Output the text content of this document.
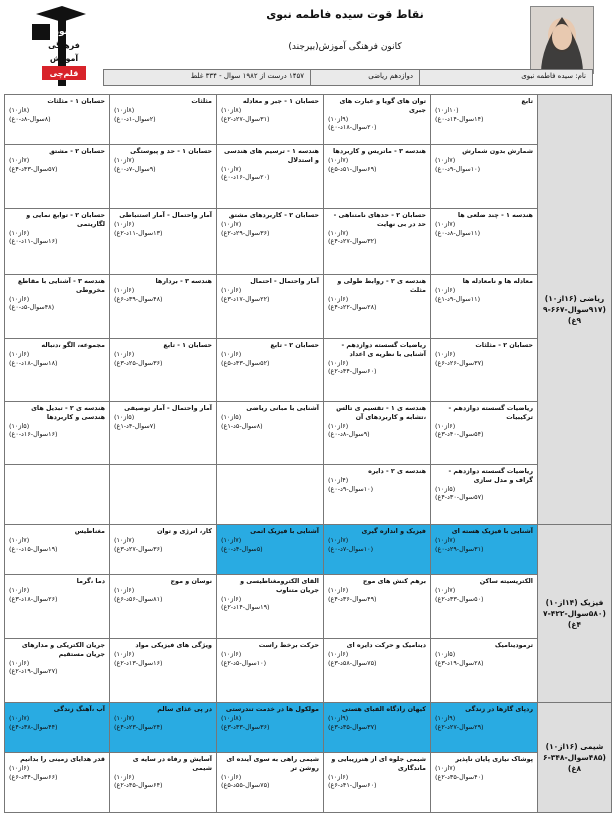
نقاط قوت سیده فاطمه نبوی
کانون فرهنگی آموزش(بیرجند)
کانون
فرهنگی
آموزش
قلم‌چی	نام: سیده فاطمه نبوی
دوازدهم ریاضی
۱۴۵۷ درست از ۱۹۸۲ سوال - ۳۳۴ غلط
ریاضی (۱۶از۱۰) (۹۱۷سوال-۶۶۷-۹۹غ)	تابع
(۱۰از۱۰)
(۱۴سوال-۱۴د-۰غ)	توان های گویا و عبارت های جبری
(۹از۱۰)
(۲۰سوال-۱۸د-۰غ)	حسابان ۱ - جبر و معادله
(۸از۱۰)
(۳۱سوال-۲۷د-۲غ)	مثلثات
(۸از۱۰)
(۲سوال-۱د-۰غ)	حسابان ۱ - مثلثات
(۸از۱۰)
(۸سوال-۸د-۰غ)

	شمارش بدون شمارش
(۷از۱۰)
(۱۰سوال-۹د-۰غ)	هندسه ۳ - ماتریس و کاربردها
(۷از۱۰)
(۶۹سوال-۵۱د-۵غ)	هندسه ۱ - ترسیم های هندسی و استدلال
(۷از۱۰)
(۲۰سوال-۱۶د-۰غ)	حسابان ۱ - حد و پیوستگی
(۷از۱۰)
(۹سوال-۷د-۰غ)	حسابان ۲ - مشتق
(۷از۱۰)
(۵۷سوال-۴۳د-۴غ)

	هندسه ۱ - چند ضلعی ها
(۷از۱۰)
(۱۱سوال-۸د-۰غ)	حسابان ۲ - حدهای نامتناهی - حد در بی نهایت
(۷از۱۰)
(۳۲سوال-۲۷د-۴غ)	حسابان ۲ - کاربردهای مشتق
(۷از۱۰)
(۳۶سوال-۲۹د-۲غ)	آمار واحتمال - آمار استنباطی
(۶از۱۰)
(۱۳سوال-۱۱د-۲غ)	حسابان ۲ - توابع نمایی و لگاریتمی
(۶از۱۰)
(۱۶سوال-۱۱د-۰غ)

	معادله ها و نامعادله ها
(۶از۱۰)
(۱۱سوال-۹د-۱غ)	هندسه ی ۲ - روابط طولی و مثلث
(۶از۱۰)
(۲۸سوال-۲۲د-۴غ)	آمار واحتمال - احتمال
(۶از۱۰)
(۲۲سوال-۱۷د-۳غ)	هندسه ۳ - بردارها
(۶از۱۰)
(۴۸سوال-۳۹د-۶غ)	هندسه ۳ - آشنایی با مقاطع مخروطی
(۶از۱۰)
(۴۸سوال-۵د-۰غ)

	حسابان ۲ - مثلثات
(۶از۱۰)
(۳۷سوال-۲۶د-۶غ)	ریاضیات گسسته دوازدهم - آشنایی با نظریه ی اعداد
(۶از۱۰)
(۶۰سوال-۴۴د-۲غ)	حسابان ۲ - تابع
(۶از۱۰)
(۵۲سوال-۴۳د-۵غ)	حسابان ۱ - تابع
(۶از۱۰)
(۳۶سوال-۲۵د-۳غ)	مجموعه، الگو ،دنباله
(۶از۱۰)
(۱۸سوال-۱۸د-۰غ)

	ریاضیات گسسته دوازدهم - ترکیبیات
(۶از۱۰)
(۵۴سوال-۴۰د-۳غ)	هندسه ی ۱ - تقسیم ی تالس ،تشابه و کاربردهای آن
(۶از۱۰)
(۹سوال-۸د-۰غ)	آشنایی با مبانی ریاضی
(۵از۱۰)
(۸سوال-۵د-۱غ)	آمار واحتمال - آمار توصیفی
(۵از۱۰)
(۷سوال-۴د-۱غ)	هندسه ی ۲ - تبدیل های هندسی و کاربردها
(۵از۱۰)
(۱۶سوال-۱۶د-۰غ)

	ریاضیات گسسته دوازدهم - گراف و مدل سازی
(۵از۱۰)
(۵۷سوال-۳۰د-۴غ)	هندسه ی ۲ - دایره
(۴از۱۰)
(۱۰سوال-۹د-۰غ)			

فیزیک (۱۴از۱۰) (۵۸۰سوال-۴۲۲-۷۴غ)	آشنایی با فیزیک هسته ای
(۷از۱۰)
(۳۱سوال-۲۹د-۰غ)	فیزیک و اندازه گیری
(۷از۱۰)
(۱۰سوال-۷د-۰غ)	آشنایی با فیزیک اتمی
(۷از۱۰)
(۵سوال-۴د-۰غ)	کار، انرژی و توان
(۷از۱۰)
(۳۶سوال-۲۷د-۳غ)	مغناطیس
(۷از۱۰)
(۱۹سوال-۱۵د-۰غ)

	الکتریسیته ساکن
(۷از۱۰)
(۵۰سوال-۳۳د-۲غ)	برهم کنش های موج
(۶از۱۰)
(۴۹سوال-۳۶د-۴غ)	القای الکترومغناطیسی و جریان متناوب
(۶از۱۰)
(۱۹سوال-۱۴د-۲غ)	نوسان و موج
(۶از۱۰)
(۸۱سوال-۵۶د-۶غ)	دما ،گرما
(۶از۱۰)
(۲۶سوال-۱۸د-۳غ)

	ترمودینامیک
(۵از۱۰)
(۲۸سوال-۱۹د-۳غ)	دینامیک و حرکت دایره ای
(۶از۱۰)
(۷۵سوال-۵۸د-۳غ)	حرکت برخط راست
(۶از۱۰)
(۱۰سوال-۵د-۲غ)	ویژگی های فیزیکی مواد
(۶از۱۰)
(۱۶سوال-۱۳د-۲غ)	جریان الکتریکی و مدارهای جریان مستقیم
(۶از۱۰)
(۲۷سوال-۱۹د-۲غ)

شیمی (۱۶از۱۰) (۴۸۵سوال-۳۴۸-۶۸غ)	ردپای گازها در زندگی
(۹از۱۰)
(۲۹سوال-۲۷د-۲غ)	کیهان زادگاه الفبای هستی
(۹از۱۰)
(۳۷سوال-۳۵د-۳غ)	مولکول ها در خدمت تندرستی
(۸از۱۰)
(۳۶سوال-۳۳د-۳غ)	در پی غذای سالم
(۷از۱۰)
(۲۴سوال-۲۳د-۴غ)	آب ،آهنگ زندگی
(۷از۱۰)
(۴۴سوال-۳۸د-۴غ)

	پوشاک نیازی پایان ناپذیر
(۷از۱۰)
(۴۰سوال-۳۵د-۲غ)	شیمی جلوه ای از هنرزیبایی و ماندگاری
(۶از۱۰)
(۶۰سوال-۴۱د-۶غ)	شیمی راهی به سوی آینده ای روشن تر
(۶از۱۰)
(۷۵سوال-۵۵د-۵غ)	آسایش و رفاه در سایه ی شیمی
(۶از۱۰)
(۶۴سوال-۴۵د-۲غ)	قدر هدایای زمینی را بدانیم
(۶از۱۰)
(۶۶سوال-۳۴د-۶غ)
